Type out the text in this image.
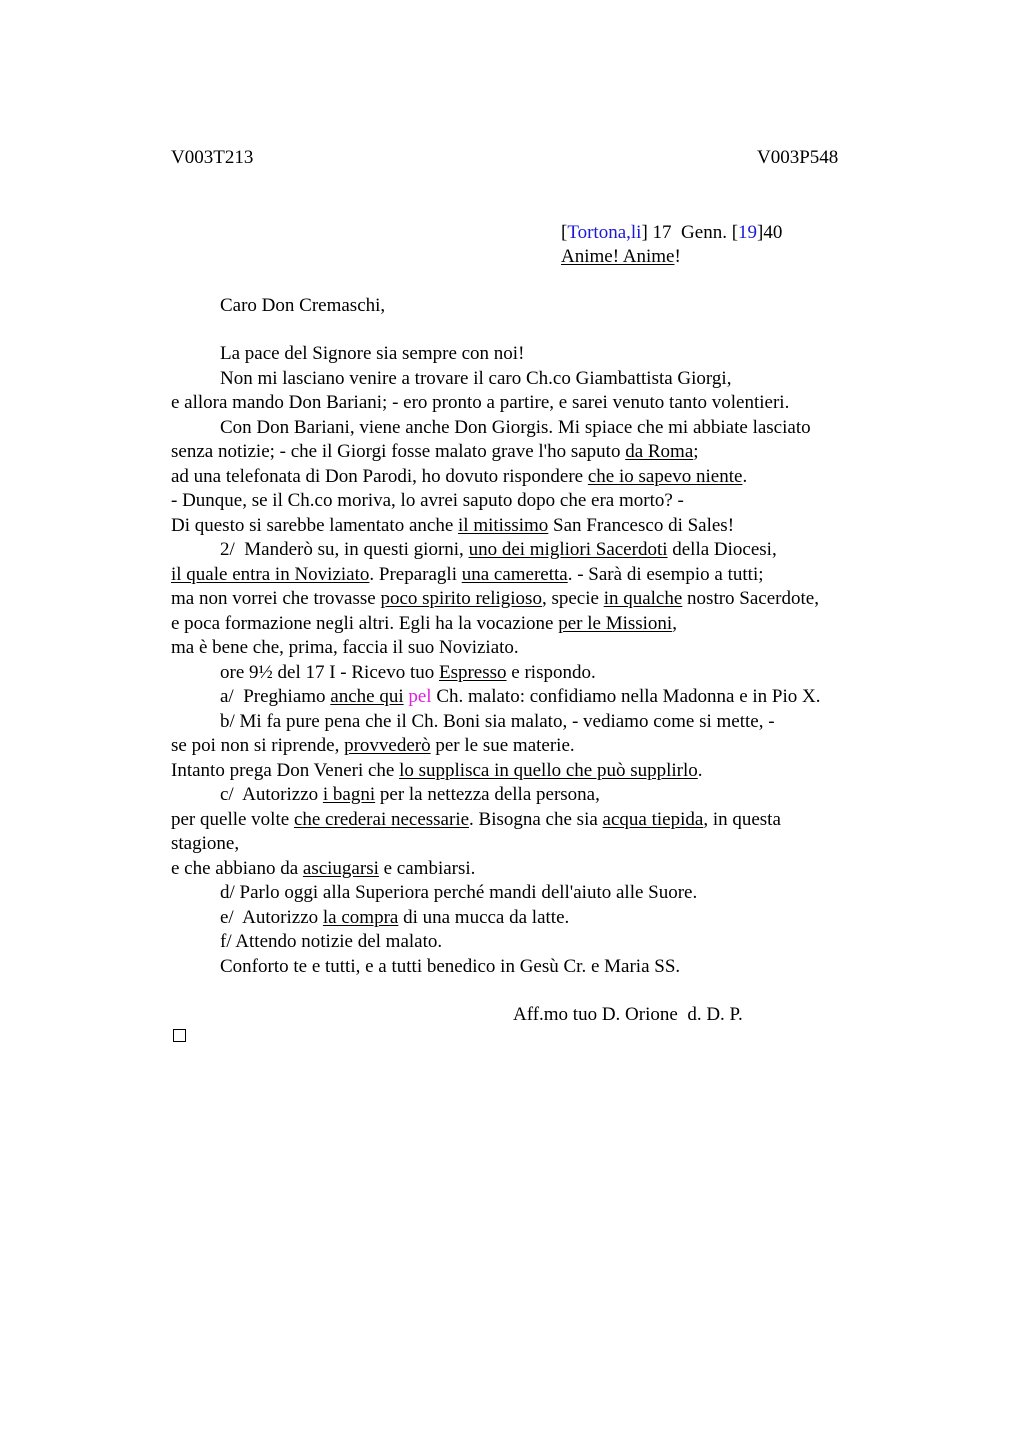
V003T213	V003P548
[Tortona,li] 17  Genn. [19]40
Anime! Anime!
Caro Don Cremaschi,
La pace del Signore sia sempre con noi!
Non mi lasciano venire a trovare il caro Ch.co Giambattista Giorgi,
e allora mando Don Bariani; - ero pronto a partire, e sarei venuto tanto volentieri.
Con Don Bariani, viene anche Don Giorgis. Mi spiace che mi abbiate lasciato
senza notizie; - che il Giorgi fosse malato grave l'ho saputo da Roma;
ad una telefonata di Don Parodi, ho dovuto rispondere che io sapevo niente.
- Dunque, se il Ch.co moriva, lo avrei saputo dopo che era morto? -
Di questo si sarebbe lamentato anche il mitissimo San Francesco di Sales!
2/  Manderò su, in questi giorni, uno dei migliori Sacerdoti della Diocesi,
il quale entra in Noviziato. Preparagli una cameretta. - Sarà di esempio a tutti;
ma non vorrei che trovasse poco spirito religioso, specie in qualche nostro Sacerdote,
e poca formazione negli altri. Egli ha la vocazione per le Missioni,
ma è bene che, prima, faccia il suo Noviziato.
ore 9½ del 17 I - Ricevo tuo Espresso e rispondo.
a/  Preghiamo anche qui pel Ch. malato: confidiamo nella Madonna e in Pio X.
b/ Mi fa pure pena che il Ch. Boni sia malato, - vediamo come si mette, -
se poi non si riprende, provvederò per le sue materie.
Intanto prega Don Veneri che lo supplisca in quello che può supplirlo.
c/  Autorizzo i bagni per la nettezza della persona,
per quelle volte che crederai necessarie. Bisogna che sia acqua tiepida, in questa
stagione,
e che abbiano da asciugarsi e cambiarsi.
d/ Parlo oggi alla Superiora perché mandi dell'aiuto alle Suore.
e/  Autorizzo la compra di una mucca da latte.
f/ Attendo notizie del malato.
Conforto te e tutti, e a tutti benedico in Gesù Cr. e Maria SS.
Aff.mo tuo D. Orione  d. D. P.
